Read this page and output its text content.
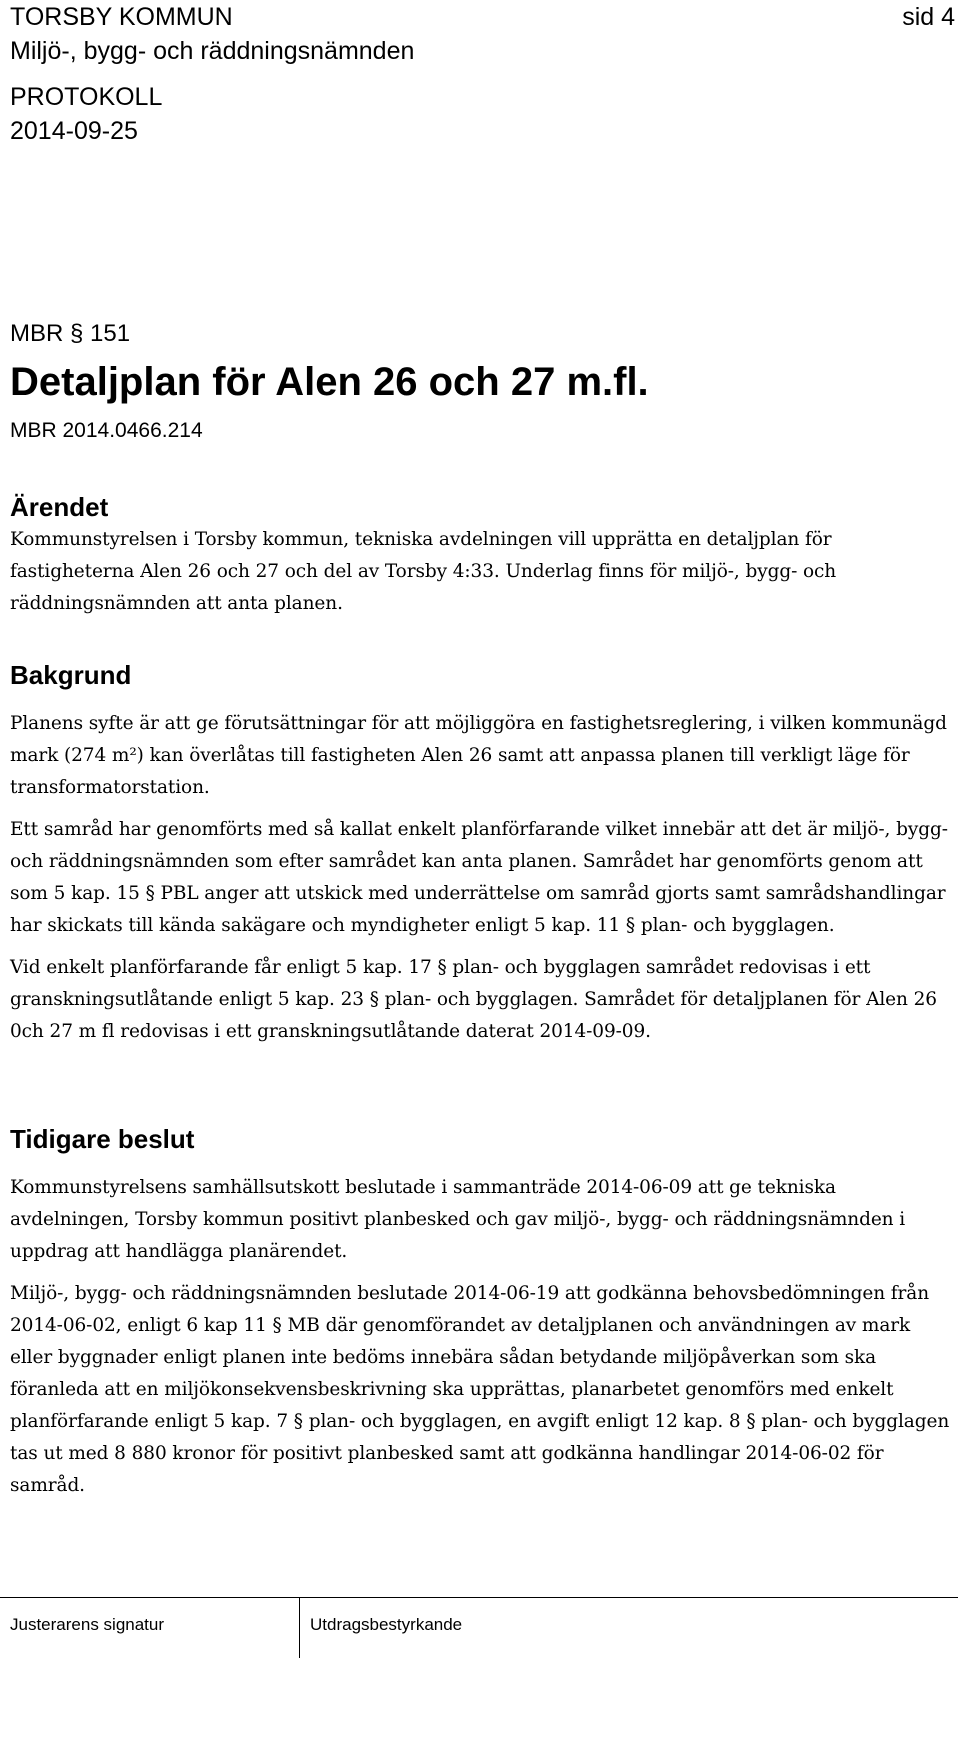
TORSBY KOMMUN	sid 4
Miljö-, bygg- och räddningsnämnden
PROTOKOLL
2014-09-25
MBR § 151
Detaljplan för Alen 26 och 27 m.fl.
MBR 2014.0466.214
Ärendet

Kommunstyrelsen i Torsby kommun, tekniska avdelningen vill upprätta en detaljplan för fastigheterna Alen 26 och 27 och del av Torsby 4:33. Underlag finns för miljö-, bygg- och räddningsnämnden att anta planen.

Bakgrund

Planens syfte är att ge förutsättningar för att möjliggöra en fastighetsreglering, i vilken kommunägd mark (274 m²) kan överlåtas till fastigheten Alen 26 samt att anpassa planen till verkligt läge för transformatorstation.

Ett samråd har genomförts med så kallat enkelt planförfarande vilket innebär att det är miljö-, bygg- och räddningsnämnden som efter samrådet kan anta planen. Samrådet har genomförts genom att som 5 kap. 15 § PBL anger att utskick med underrättelse om samråd gjorts samt samrådshandlingar har skickats till kända sakägare och myndigheter enligt 5 kap. 11 § plan- och bygglagen.

Vid enkelt planförfarande får enligt 5 kap. 17 § plan- och bygglagen samrådet redovisas i ett granskningsutlåtande enligt 5 kap. 23 § plan- och bygglagen. Samrådet för detaljplanen för Alen 26 0ch 27 m fl redovisas i ett granskningsutlåtande daterat 2014-09-09.

Tidigare beslut

Kommunstyrelsens samhällsutskott beslutade i sammanträde 2014-06-09 att ge tekniska avdelningen, Torsby kommun positivt planbesked och gav miljö-, bygg- och räddningsnämnden i uppdrag att handlägga planärendet.

Miljö-, bygg- och räddningsnämnden beslutade 2014-06-19 att godkänna behovsbedömningen från 2014-06-02, enligt 6 kap 11 § MB där genomförandet av detaljplanen och användningen av mark eller byggnader enligt planen inte bedöms innebära sådan betydande miljöpåverkan som ska föranleda att en miljökonsekvensbeskrivning ska upprättas, planarbetet genomförs med enkelt planförfarande enligt 5 kap. 7 § plan- och bygglagen, en avgift enligt 12 kap. 8 § plan- och bygglagen tas ut med 8 880 kronor för positivt planbesked samt att godkänna handlingar 2014-06-02 för samråd.

Justerarens signatur	Utdragsbestyrkande
